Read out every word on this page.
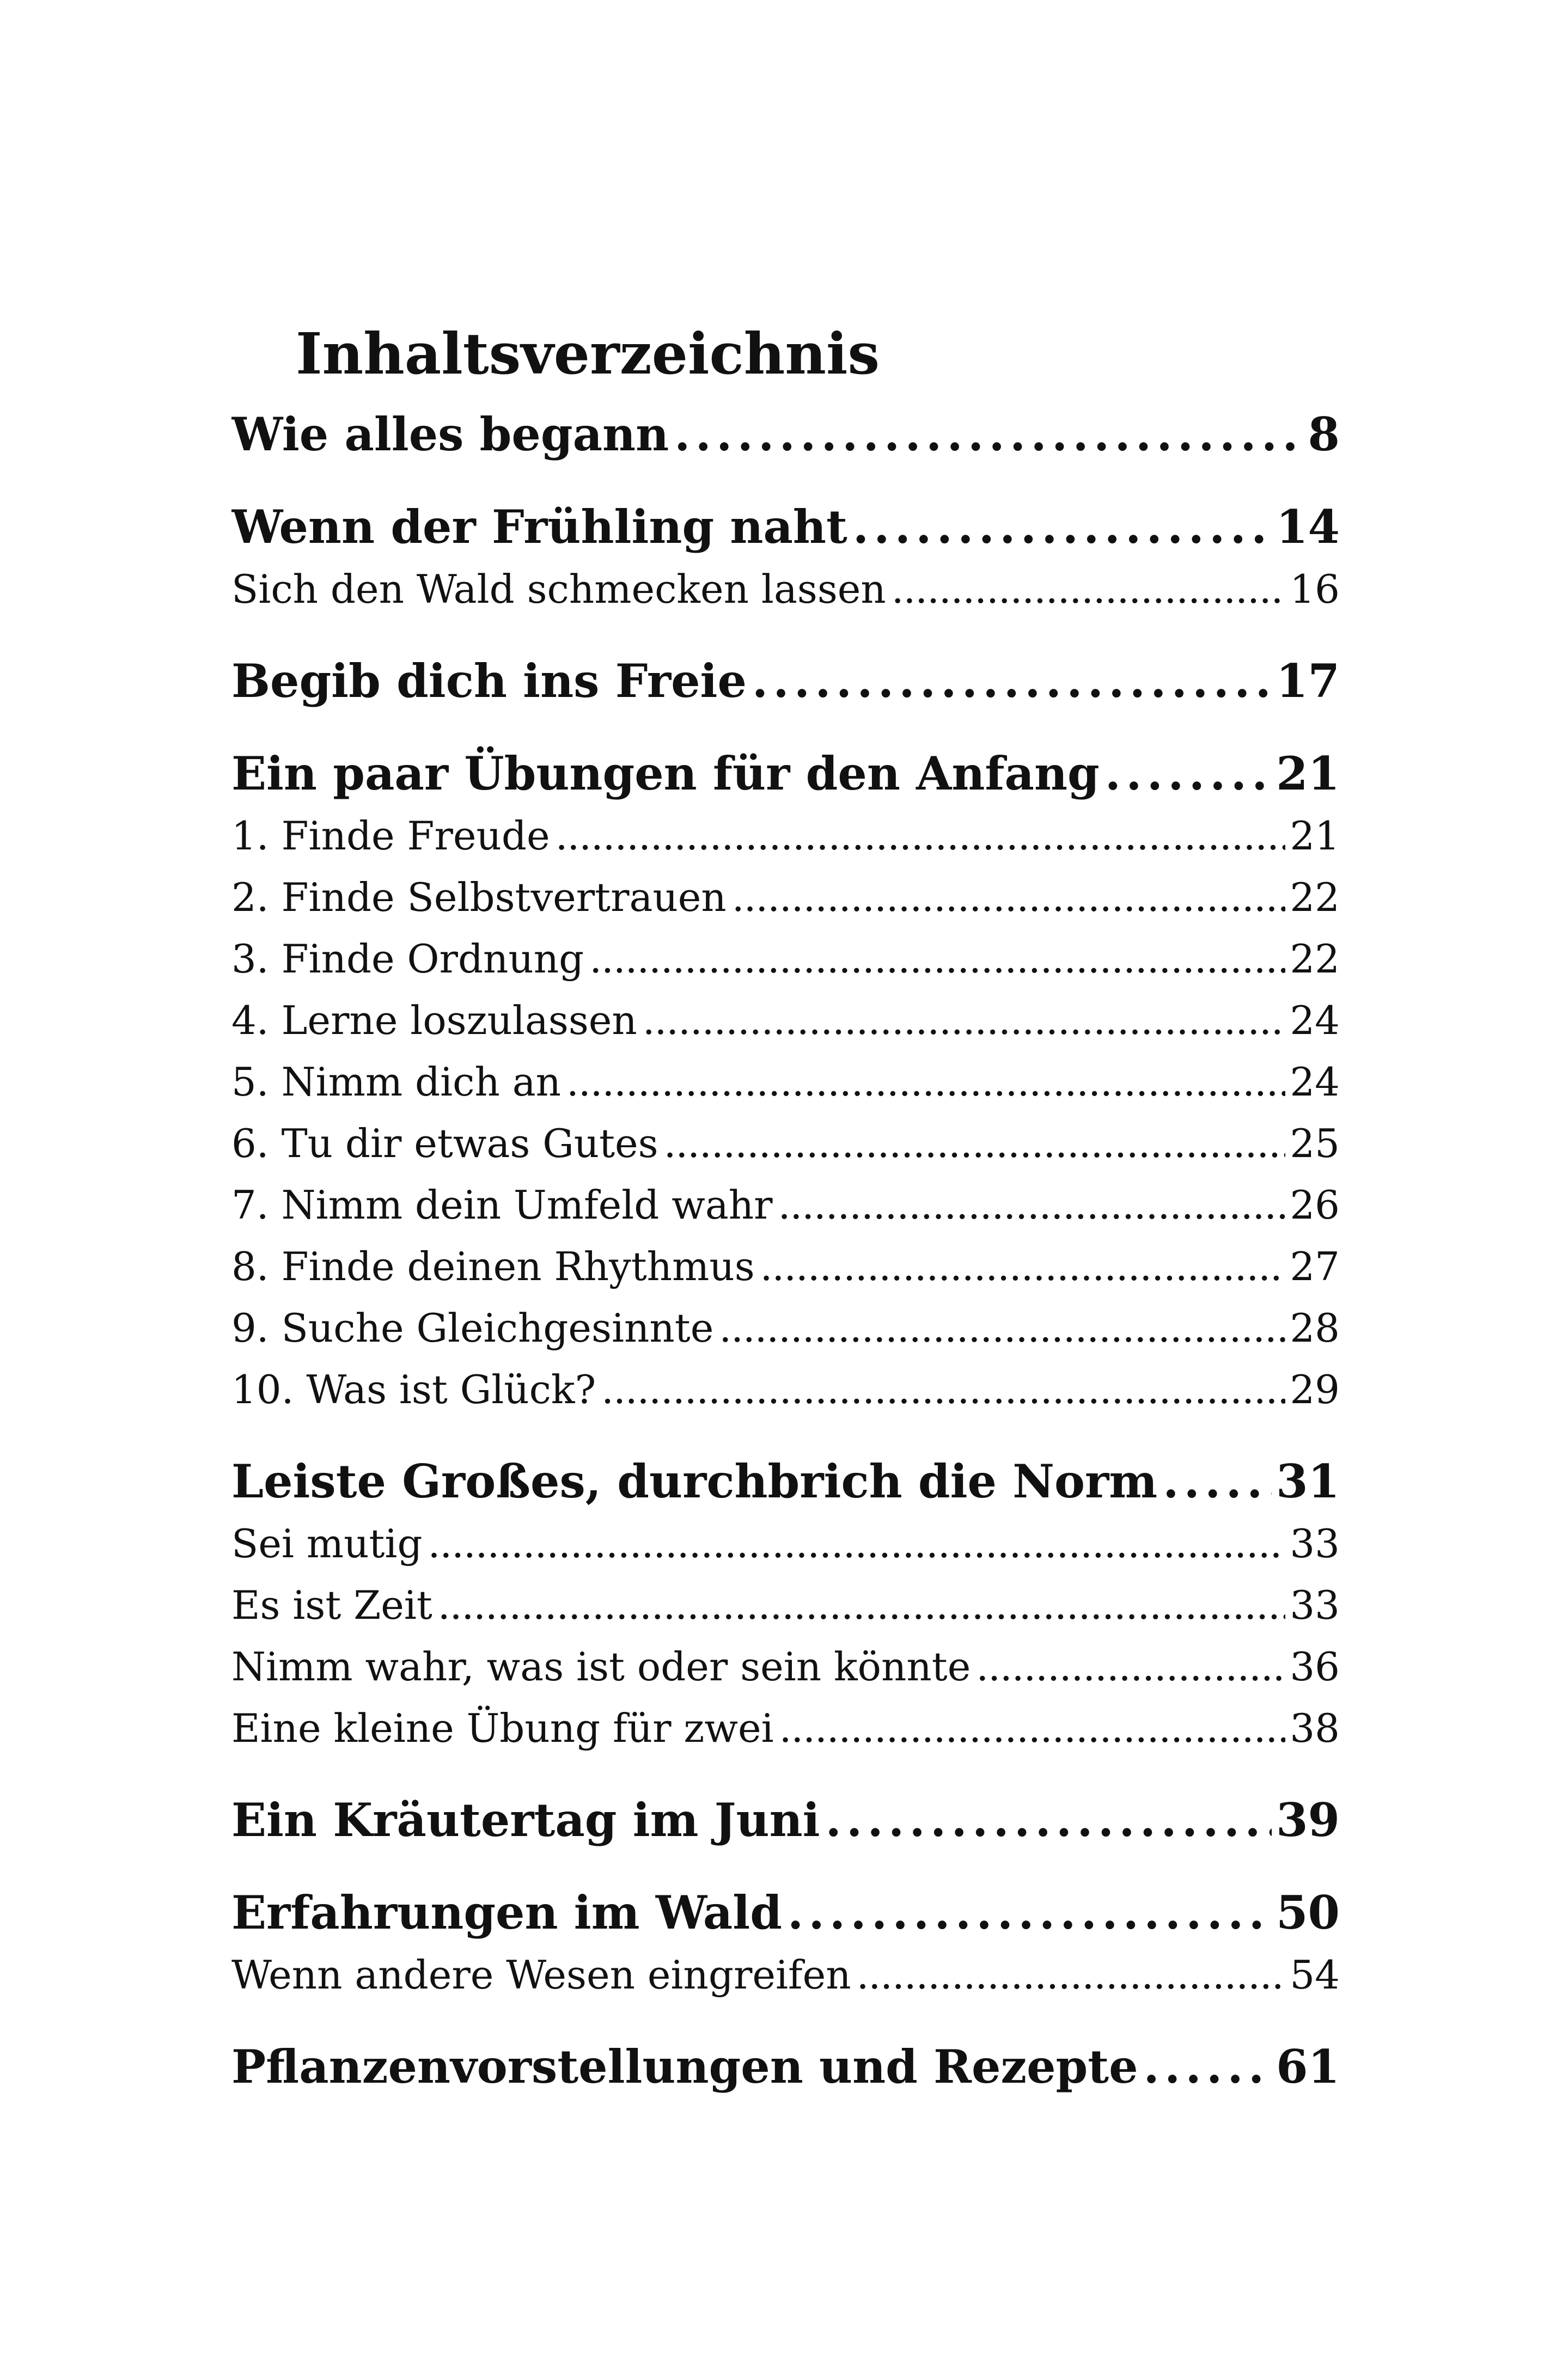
Inhaltsverzeichnis
Wie alles begann . . .	8
Wenn der Frühling naht . . .	14
Sich den Wald schmecken lassen . . .	16
Begib dich ins Freie . . .	17
Ein paar Übungen für den Anfang . . .	21
1. Finde Freude . . .	21
2. Finde Selbstvertrauen . . .	22
3. Finde Ordnung . . .	22
4. Lerne loszulassen . . .	24
5. Nimm dich an . . .	24
6. Tu dir etwas Gutes . . .	25
7. Nimm dein Umfeld wahr . . .	26
8. Finde deinen Rhythmus . . .	27
9. Suche Gleichgesinnte . . .	28
10. Was ist Glück? . . .	29
Leiste Großes, durchbrich die Norm . . .	31
Sei mutig . . .	33
Es ist Zeit . . .	33
Nimm wahr, was ist oder sein könnte . . .	36
Eine kleine Übung für zwei . . .	38
Ein Kräutertag im Juni . . .	39
Erfahrungen im Wald . . .	50
Wenn andere Wesen eingreifen . . .	54
Pflanzenvorstellungen und Rezepte . . .	61
